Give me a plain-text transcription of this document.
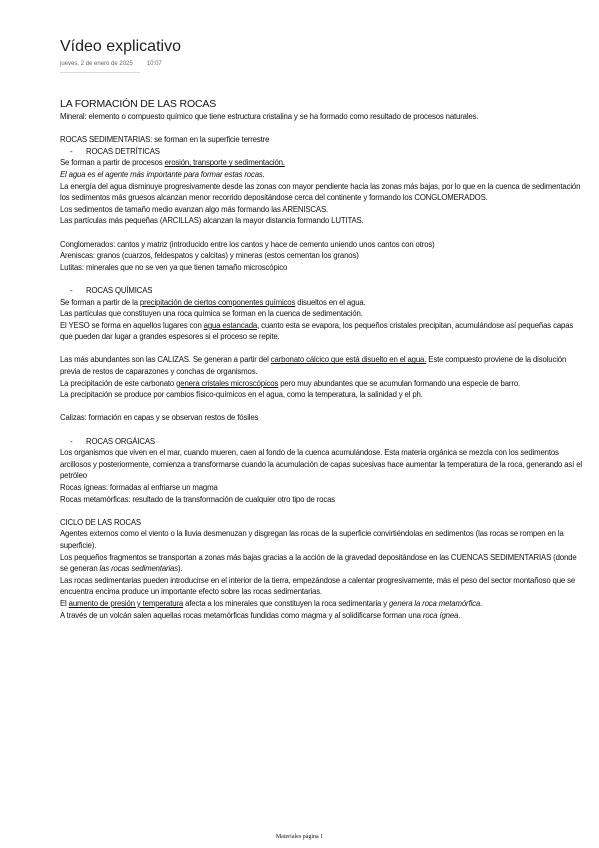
Vídeo explicativo
jueves, 2 de enero de 2025 10:07

LA FORMACIÓN DE LAS ROCAS

Mineral: elemento o compuesto químico que tiene estructura cristalina y se ha formado como resultado de procesos naturales.

ROCAS SEDIMENTARIAS: se forman en la superficie terrestre

- ROCAS DETRÍTICAS

Se forman a partir de procesos erosión, transporte y sedimentación.

El agua es el agente más importante para formar estas rocas.

La energía del agua disminuye progresivamente desde las zonas con mayor pendiente hacia las zonas más bajas, por lo que en la cuenca de sedimentación los sedimentos más gruesos alcanzan menor recorrido depositándose cerca del continente y formando los CONGLOMERADOS.

Los sedimentos de tamaño medio avanzan algo más formando las ARENISCAS.

Las partículas más pequeñas (ARCILLAS) alcanzan la mayor distancia formando LUTITAS.

Conglomerados: cantos y matriz (introducido entre los cantos y hace de cemento uniendo unos cantos con otros)

Areniscas: granos (cuarzos, feldespatos y calcitas) y mineras (estos cementan los granos)

Lutitas: minerales que no se ven ya que tienen tamaño microscópico

- ROCAS QUÍMICAS

Se forman a partir de la precipitación de ciertos componentes químicos disueltos en el agua.

Las partículas que constituyen una roca química se forman en la cuenca de sedimentación.

El YESO se forma en aquellos lugares con agua estancada, cuanto esta se evapora, los pequeños cristales precipitan, acumulándose así pequeñas capas que pueden dar lugar a grandes espesores si el proceso se repite.

Las más abundantes son las CALIZAS. Se generan a partir del carbonato cálcico que está disuelto en el agua. Este compuesto proviene de la disolución previa de restos de caparazones y conchas de organismos.

La precipitación de este carbonato genera cristales microscópicos pero muy abundantes que se acumulan formando una especie de barro.

La precipitación se produce por cambios físico-químicos en el agua, como la temperatura, la salinidad y el ph.

Calizas: formación en capas y se observan restos de fósiles

- ROCAS ORGÁICAS

Los organismos que viven en el mar, cuando mueren, caen al fondo de la cuenca acumulándose. Esta materia orgánica se mezcla con los sedimentos arcillosos y posteriormente, comienza a transformarse cuando la acumulación de capas sucesivas hace aumentar la temperatura de la roca, generando así el petróleo

Rocas ígneas: formadas al enfriarse un magma

Rocas metamórficas: resultado de la transformación de cualquier otro tipo de rocas

CICLO DE LAS ROCAS

Agentes externos como el viento o la lluvia desmenuzan y disgregan las rocas de la superficie convirtiéndolas en sedimentos (las rocas se rompen en la superficie).

Los pequeños fragmentos se transportan a zonas más bajas gracias a la acción de la gravedad depositándose en las CUENCAS SEDIMENTARIAS (donde se generan las rocas sedimentarias).

Las rocas sedimentarias pueden introducirse en el interior de la tierra, empezándose a calentar progresivamente, más el peso del sector montañoso que se encuentra encima produce un importante efecto sobre las rocas sedimentarias.

El aumento de presión y temperatura afecta a los minerales que constituyen la roca sedimentaria y genera la roca metamórfica.

A través de un volcán salen aquellas rocas metamórficas fundidas como magma y al solidificarse forman una roca ígnea.

Materiales página 1
